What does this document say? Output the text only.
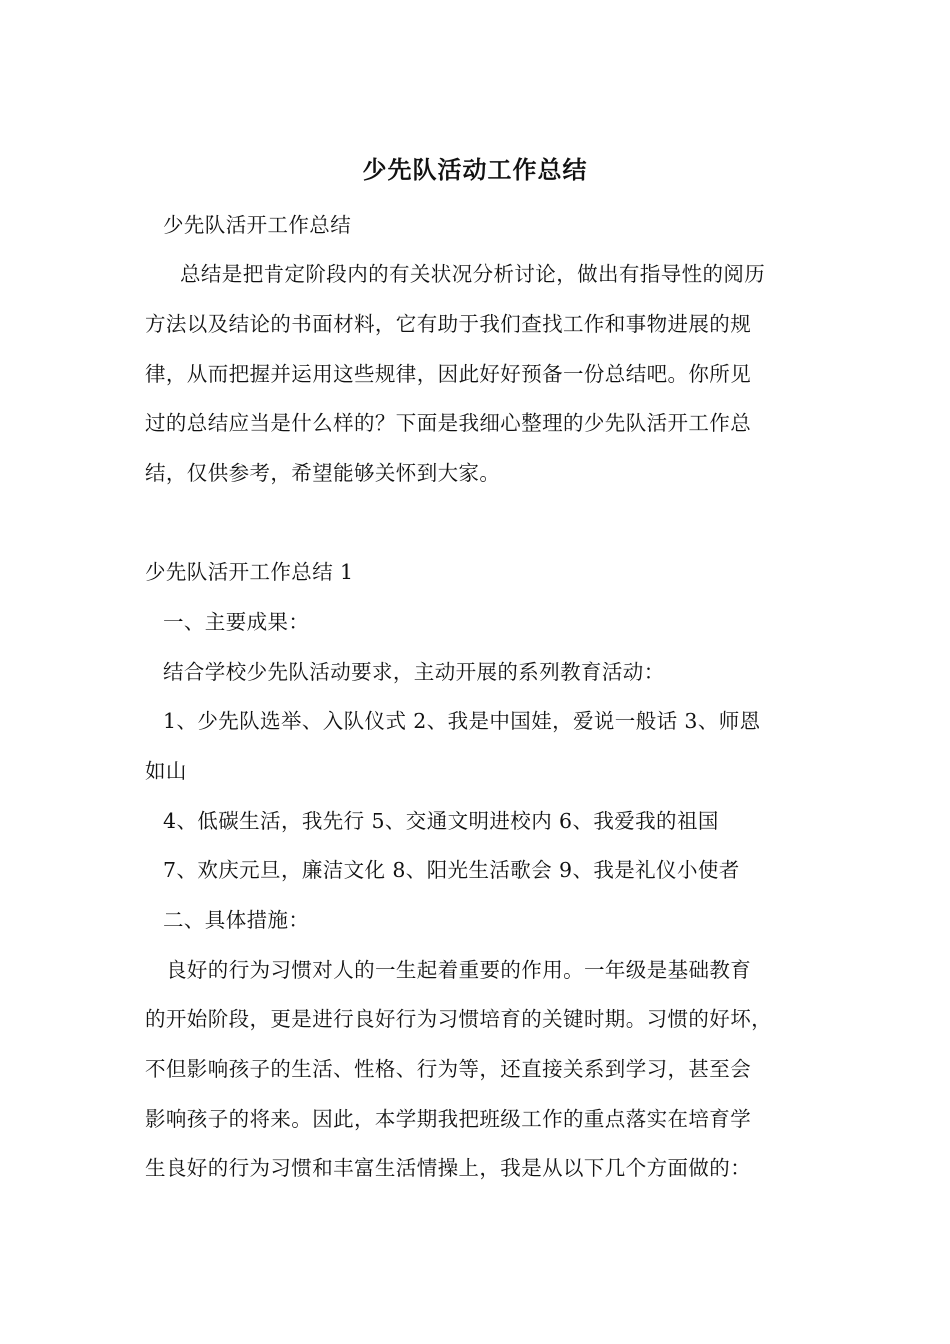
少先队活动工作总结
少先队活开工作总结
总结是把肯定阶段内的有关状况分析讨论，做出有指导性的阅历
方法以及结论的书面材料，它有助于我们查找工作和事物进展的规
律，从而把握并运用这些规律，因此好好预备一份总结吧。你所见
过的总结应当是什么样的？下面是我细心整理的少先队活开工作总
结，仅供参考，希望能够关怀到大家。
少先队活开工作总结 1
一、主要成果：
结合学校少先队活动要求，主动开展的系列教育活动：
1、少先队选举、入队仪式 2、我是中国娃，爱说一般话 3、师恩
如山
4、低碳生活，我先行 5、交通文明进校内 6、我爱我的祖国
7、欢庆元旦，廉洁文化 8、阳光生活歌会 9、我是礼仪小使者
二、具体措施：
良好的行为习惯对人的一生起着重要的作用。一年级是基础教育
的开始阶段，更是进行良好行为习惯培育的关键时期。习惯的好坏，
不但影响孩子的生活、性格、行为等，还直接关系到学习，甚至会
影响孩子的将来。因此，本学期我把班级工作的重点落实在培育学
生良好的行为习惯和丰富生活情操上，我是从以下几个方面做的：
